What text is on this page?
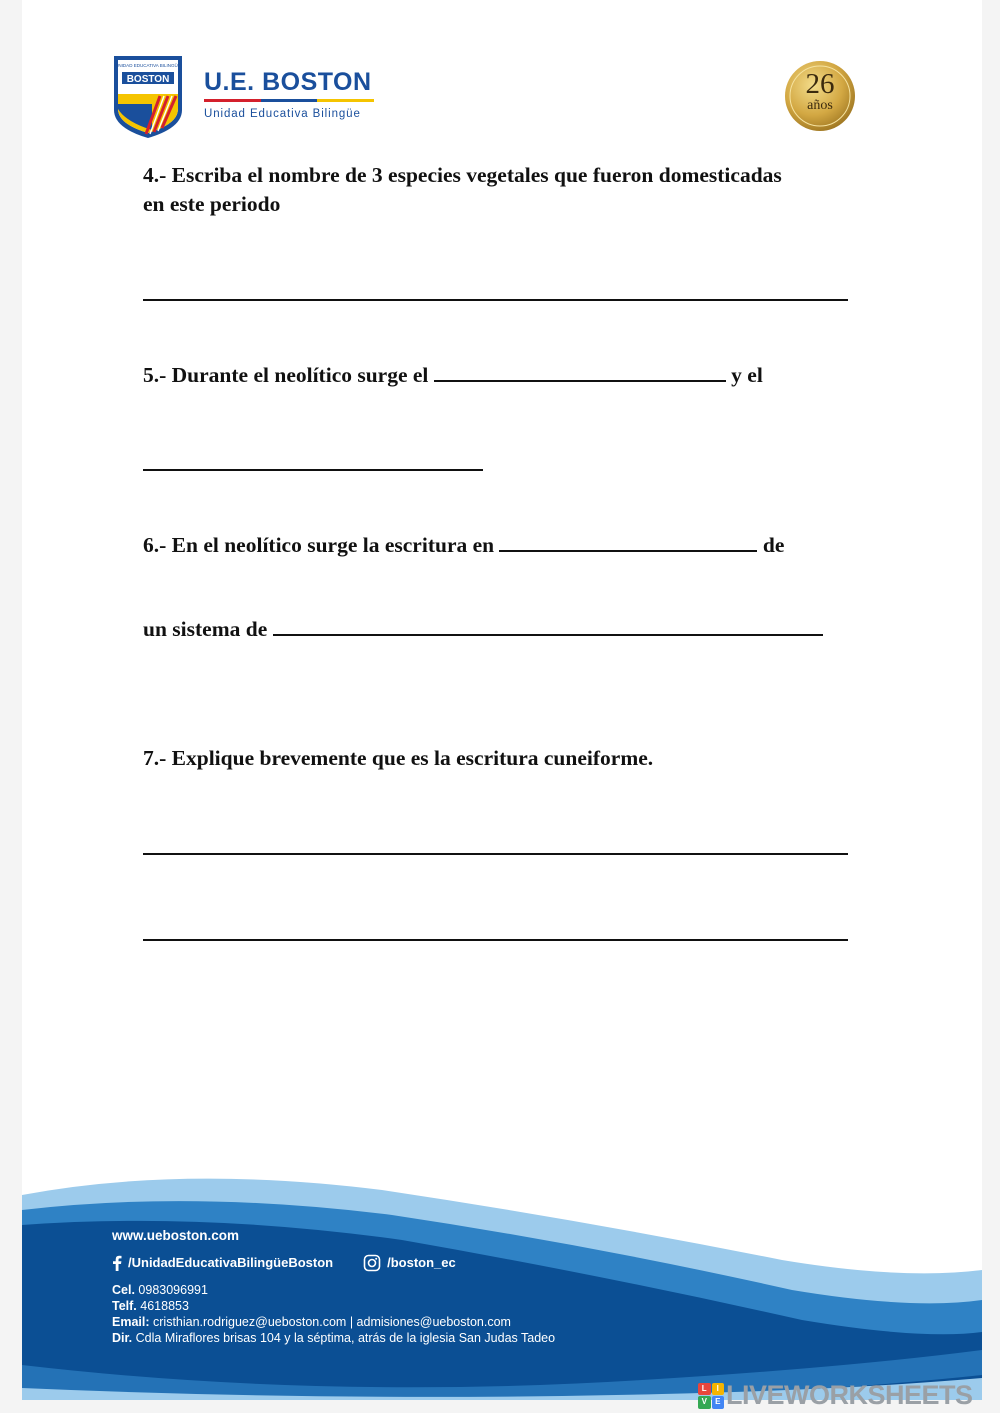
UNIDAD EDUCATIVA BILINGÜE
BOSTON U.E. BOSTON
Unidad Educativa Bilingüe
26
años
4.- Escriba el nombre de 3 especies vegetales que fueron domesticadas
en este periodo
5.- Durante el neolítico surge el	y el
6.- En el neolítico surge la escritura en	de
un sistema de
7.- Explique brevemente que es la escritura cuneiforme.
www.ueboston.com
/UnidadEducativaBilingüeBoston	/boston_ec
Cel. 0983096991
Telf. 4618853
Email: cristhian.rodriguez@ueboston.com | admisiones@ueboston.com
Dir. Cdla Miraflores brisas 104 y la séptima, atrás de la iglesia San Judas Tadeo
L	I
V	E LIVEWORKSHEETS
